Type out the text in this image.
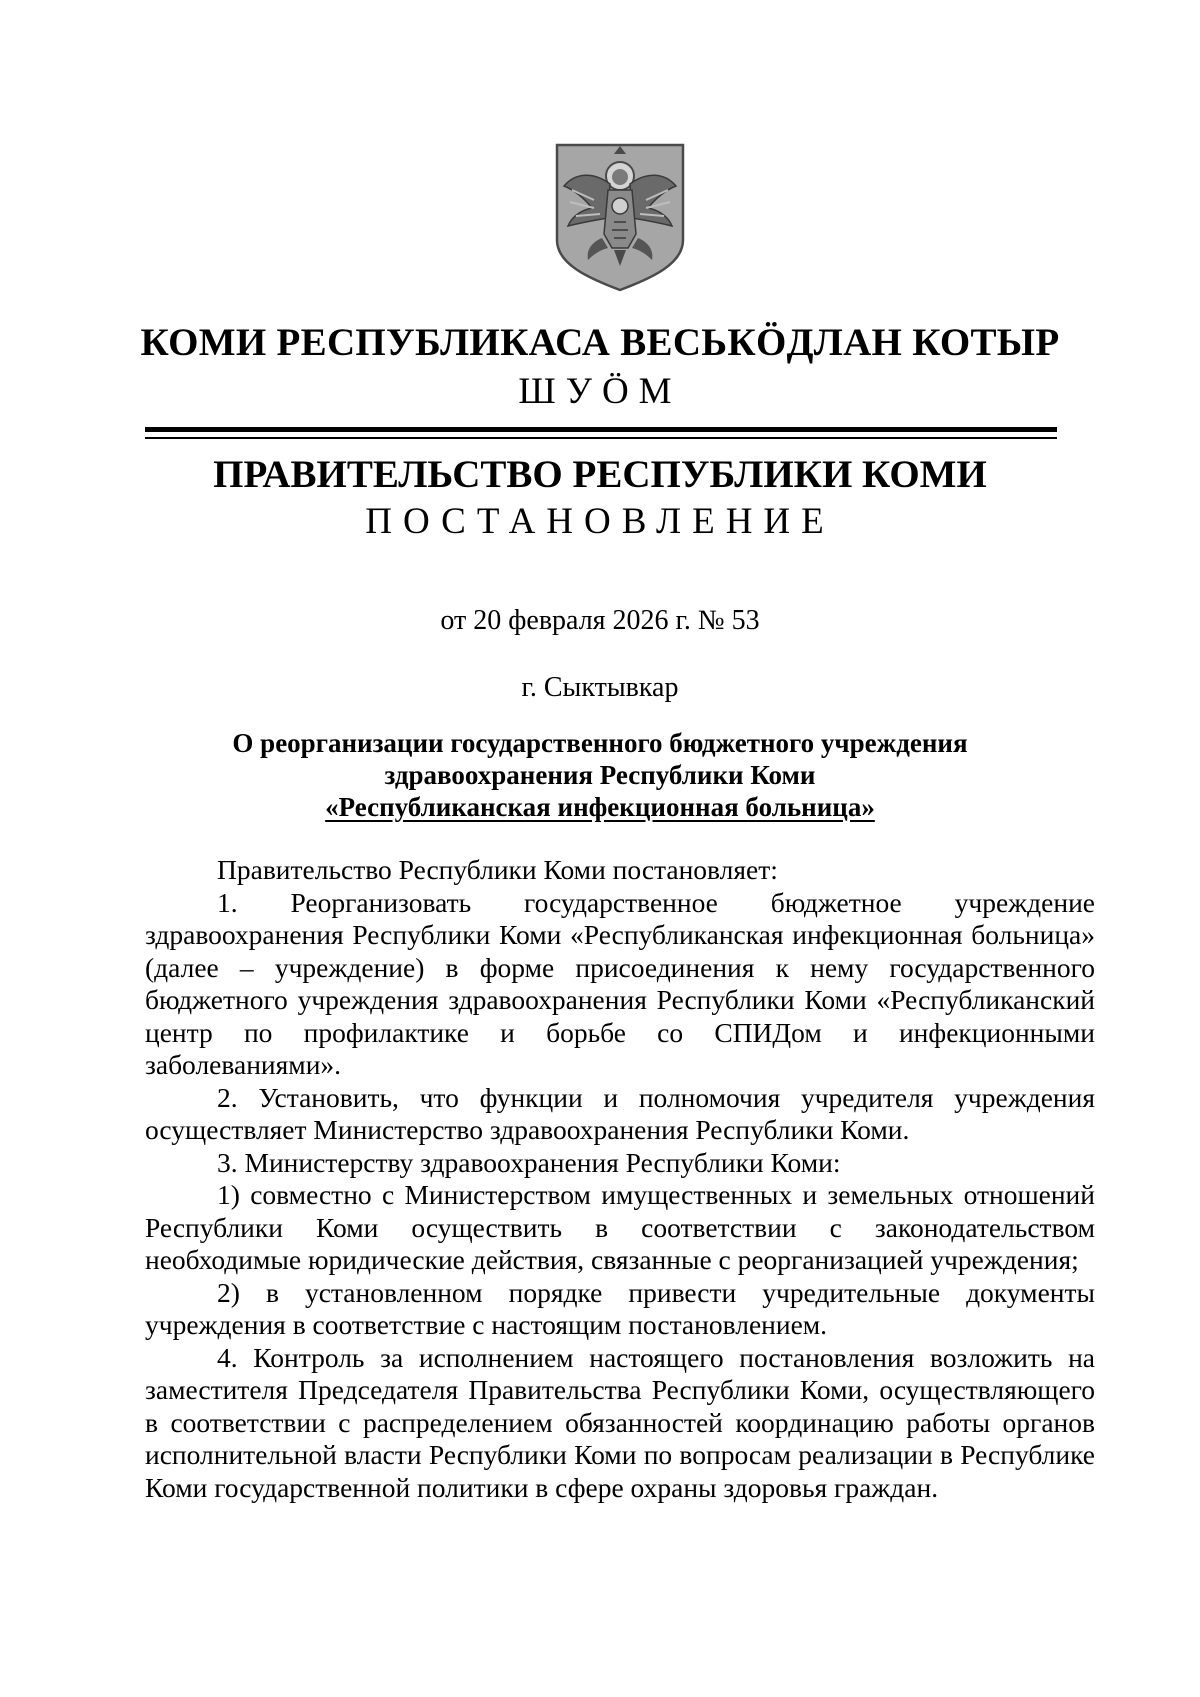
КОМИ РЕСПУБЛИКАСА ВЕСЬКӦДЛАН КОТЫР
ШУӦМ
ПРАВИТЕЛЬСТВО РЕСПУБЛИКИ КОМИ
ПОСТАНОВЛЕНИЕ
от 20 февраля 2026 г. № 53
г. Сыктывкар
О реорганизации государственного бюджетного учреждения
здравоохранения Республики Коми
«Республиканская инфекционная больница»

Правительство Республики Коми постановляет:

1. Реорганизовать государственное бюджетное учреждение здравоохранения Республики Коми «Республиканская инфекционная больница» (далее – учреждение) в форме присоединения к нему государственного бюджетного учреждения здравоохранения Республики Коми «Республиканский центр по профилактике и борьбе со СПИДом и инфекционными заболеваниями».

2. Установить, что функции и полномочия учредителя учреждения осуществляет Министерство здравоохранения Республики Коми.

3. Министерству здравоохранения Республики Коми:

1) совместно с Министерством имущественных и земельных отношений Республики Коми осуществить в соответствии с законодательством необходимые юридические действия, связанные с реорганизацией учреждения;

2) в установленном порядке привести учредительные документы учреждения в соответствие с настоящим постановлением.

4. Контроль за исполнением настоящего постановления возложить на заместителя Председателя Правительства Республики Коми, осуществляющего в соответствии с распределением обязанностей координацию работы органов исполнительной власти Республики Коми по вопросам реализации в Республике Коми государственной политики в сфере охраны здоровья граждан.
